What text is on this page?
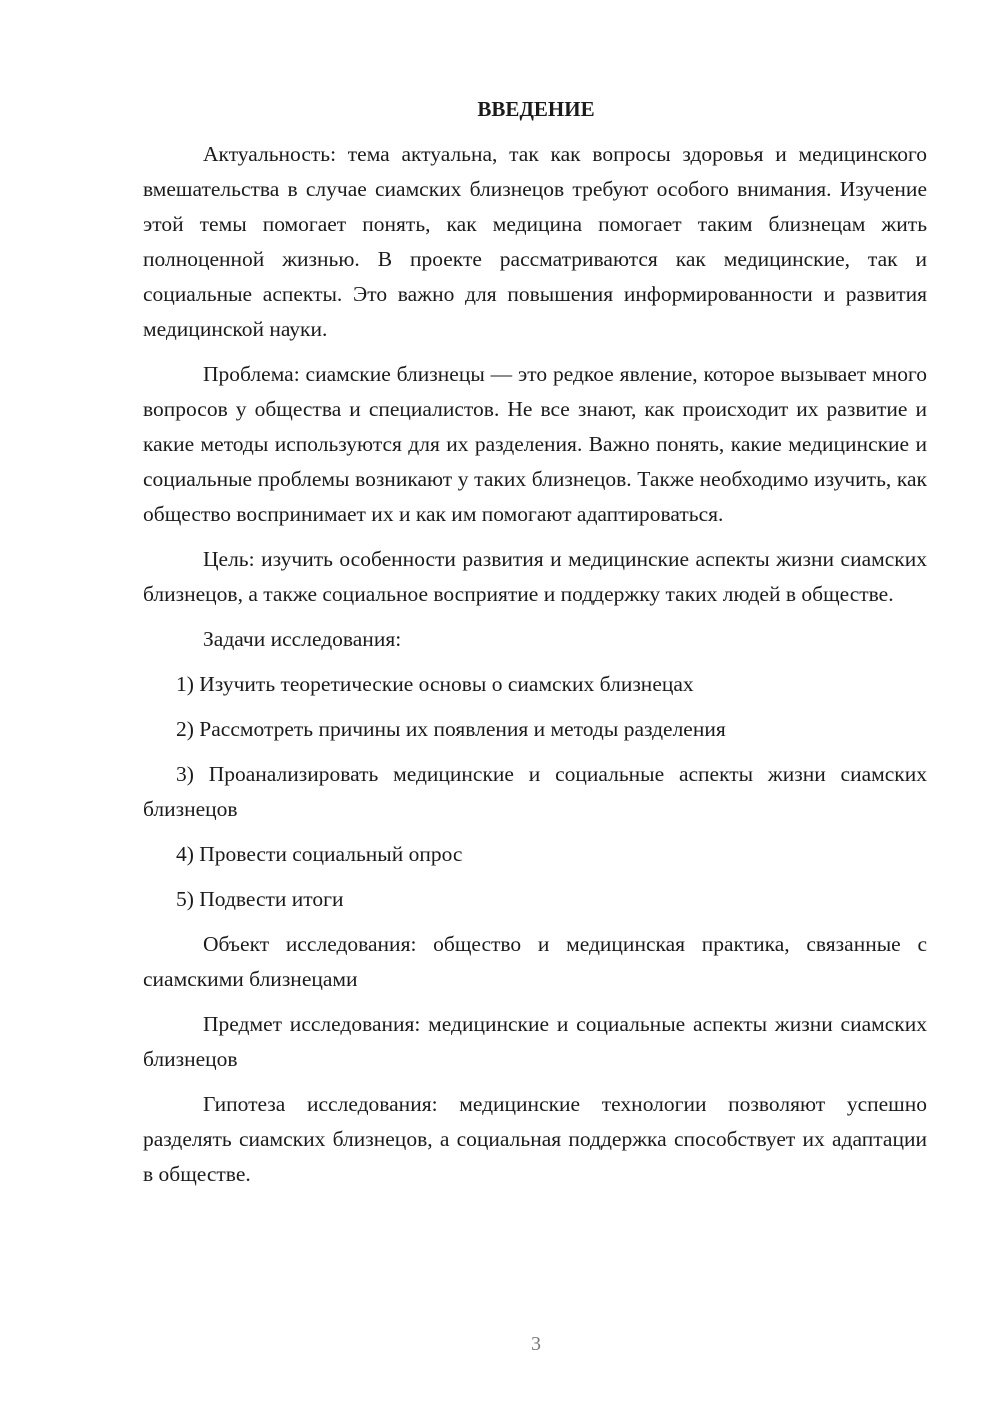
ВВЕДЕНИЕ

Актуальность: тема актуальна, так как вопросы здоровья и медицинского вмешательства в случае сиамских близнецов требуют особого внимания. Изучение этой темы помогает понять, как медицина помогает таким близнецам жить полноценной жизнью. В проекте рассматриваются как медицинские, так и социальные аспекты. Это важно для повышения информированности и развития медицинской науки.

Проблема: сиамские близнецы — это редкое явление, которое вызывает много вопросов у общества и специалистов. Не все знают, как происходит их развитие и какие методы используются для их разделения. Важно понять, какие медицинские и социальные проблемы возникают у таких близнецов. Также необходимо изучить, как общество воспринимает их и как им помогают адаптироваться.

Цель: изучить особенности развития и медицинские аспекты жизни сиамских близнецов, а также социальное восприятие и поддержку таких людей в обществе.

Задачи исследования:

1) Изучить теоретические основы о сиамских близнецах

2) Рассмотреть причины их появления и методы разделения

3) Проанализировать медицинские и социальные аспекты жизни сиамских близнецов

4) Провести социальный опрос

5) Подвести итоги

Объект исследования: общество и медицинская практика, связанные с сиамскими близнецами

Предмет исследования: медицинские и социальные аспекты жизни сиамских близнецов

Гипотеза исследования: медицинские технологии позволяют успешно разделять сиамских близнецов, а социальная поддержка способствует их адаптации в обществе.

3
